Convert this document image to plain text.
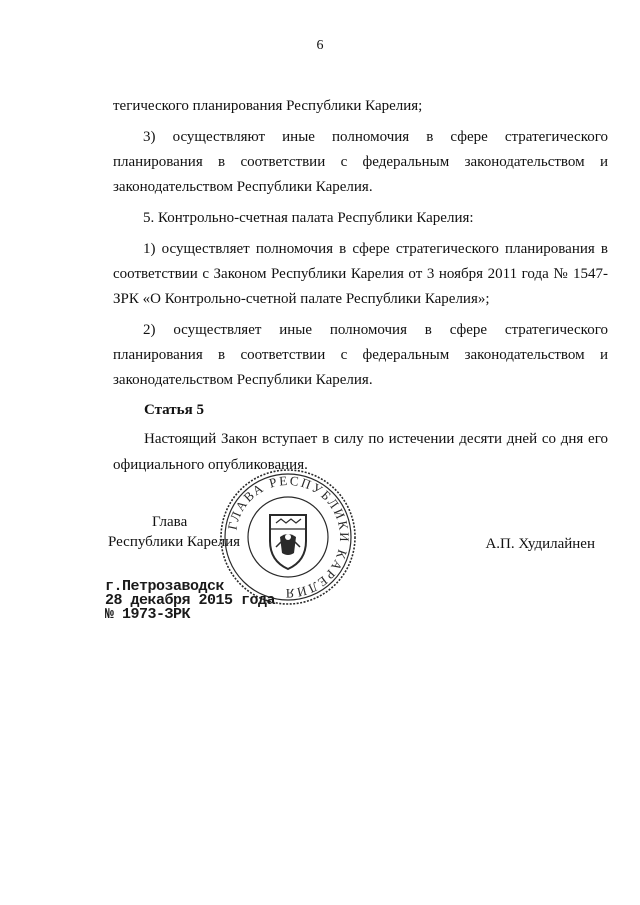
6

тегического планирования Республики Карелия;

3) осуществляют иные полномочия в сфере стратегического планирования в соответствии с федеральным законодательством и законодательством Республики Карелия.

5. Контрольно-счетная палата Республики Карелия:

1) осуществляет полномочия в сфере стратегического планирования в соответствии с Законом Республики Карелия от 3 ноября 2011 года № 1547- ЗРК «О Контрольно-счетной палате Республики Карелия»;

2) осуществляет иные полномочия в сфере стратегического планирования в соответствии с федеральным законодательством и законодательством Республики Карелия.

Статья 5

Настоящий Закон вступает в силу по истечении десяти дней со дня его официального опубликования.

Глава
Республики Карелия	А.П. Худилайнен
ГЛАВА РЕСПУБЛИКИ КАРЕЛИЯ
г.Петрозаводск
28 декабря 2015 года
№ 1973-ЗРК
